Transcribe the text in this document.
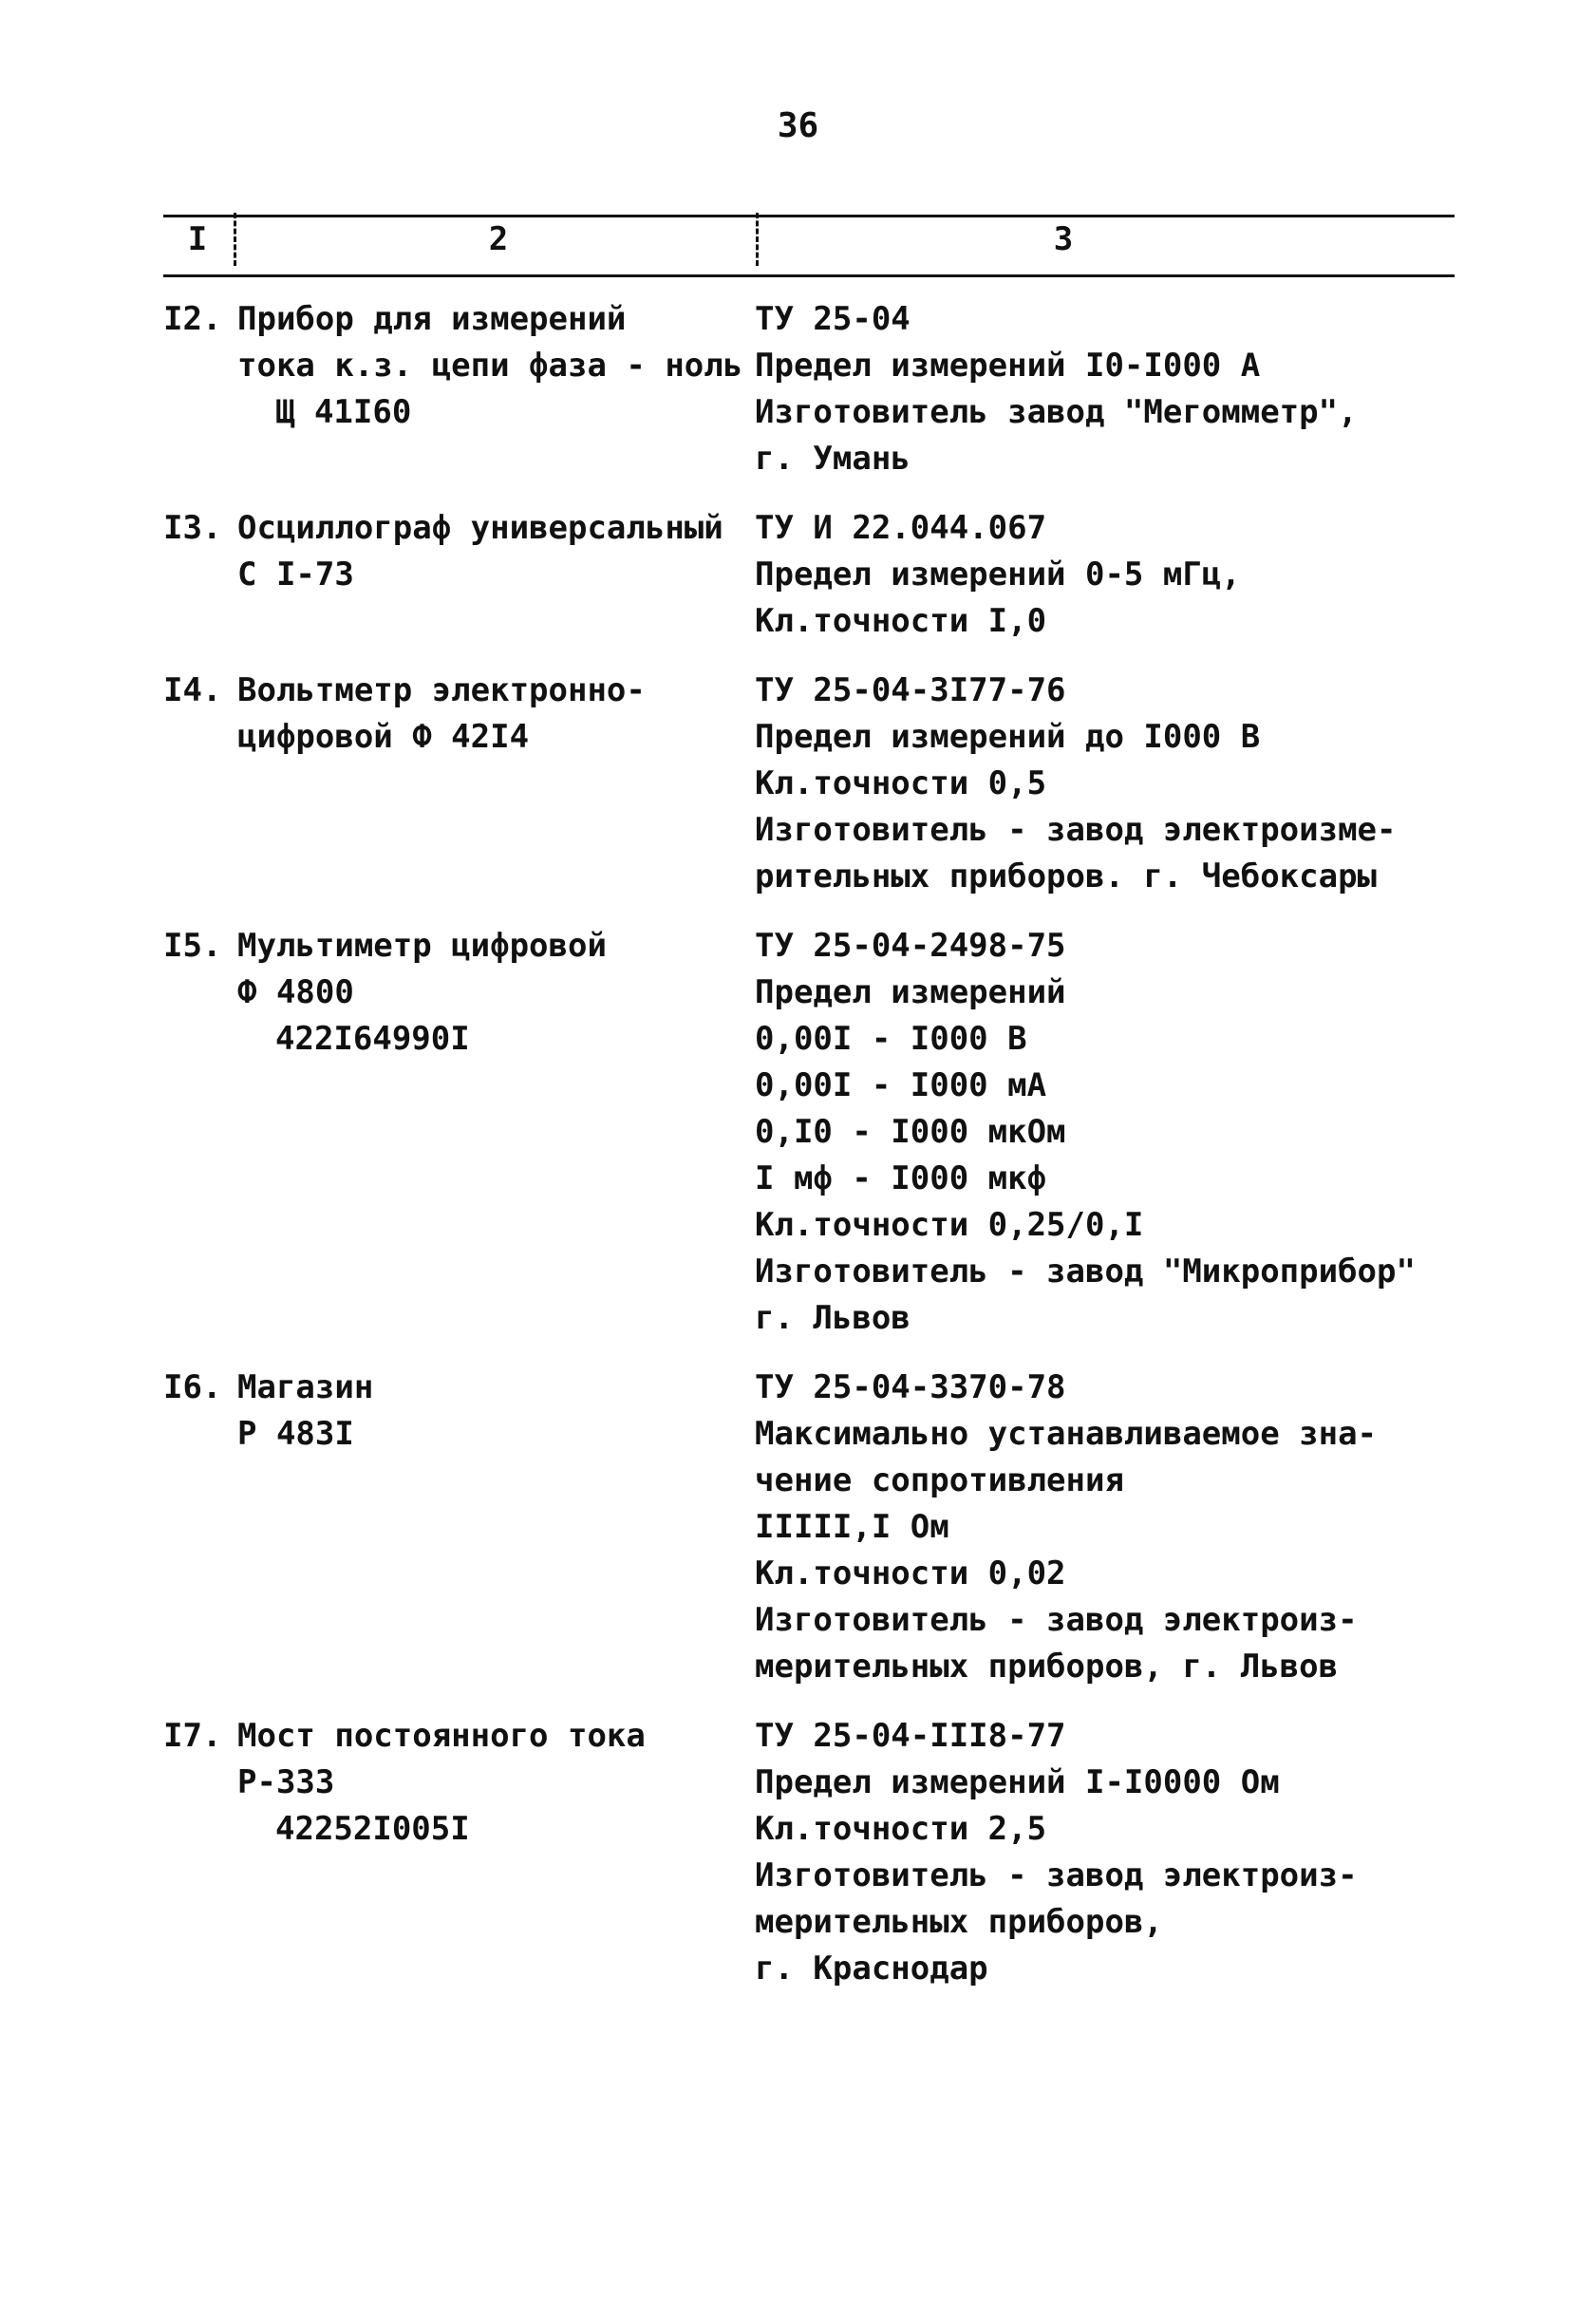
36
I	2	3
I2. Прибор для измерений
тока к.з. цепи фаза - ноль
Щ 41I60
ТУ 25-04
Предел измерений I0-I000 А
Изготовитель завод "Мегомметр",
г. Умань
I3. Осциллограф универсальный
С I-73
ТУ И 22.044.067
Предел измерений 0-5 мГц,
Кл.точности I,0
I4. Вольтметр электронно-
цифровой Ф 42I4
ТУ 25-04-3I77-76
Предел измерений до I000 В
Кл.точности 0,5
Изготовитель - завод электроизме-
рительных приборов. г. Чебоксары
I5. Мультиметр цифровой
Ф 4800
422I64990I
ТУ 25-04-2498-75
Предел измерений
0,00I - I000 В
0,00I - I000 мА
0,I0 - I000 мкОм
I мф - I000 мкф
Кл.точности 0,25/0,I
Изготовитель - завод "Микроприбор"
г. Львов
I6. Магазин
Р 483I
ТУ 25-04-3370-78
Максимально устанавливаемое зна-
чение сопротивления
IIIII,I Ом
Кл.точности 0,02
Изготовитель - завод электроиз-
мерительных приборов, г. Львов
I7. Мост постоянного тока
Р-333
42252I005I
ТУ 25-04-III8-77
Предел измерений I-I0000 Ом
Кл.точности 2,5
Изготовитель - завод электроиз-
мерительных приборов,
г. Краснодар
